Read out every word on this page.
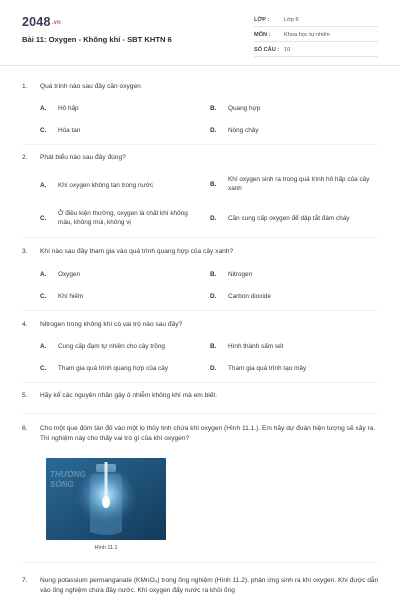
2048.vn
Bài 11: Oxygen - Không khí - SBT KHTN 6
LỚP :	Lớp 6
MÔN :	Khoa học tự nhiên
SỐ CÂU : 10
1. Quá trình nào sau đây cần oxygen
A. Hô hấp	B. Quang hợp
C. Hòa tan	D. Nóng chảy
2. Phát biểu nào sau đây đúng?
A. Khí oxygen không tan trong nước	B.
Khí oxygen sinh ra trong quá trình hô hấp của cây xanh
C.
Ở điều kiện thường, oxygen là chất khí không màu, không mùi, không vị
D. Cần cung cấp oxygen để dập tắt đám cháy
3. Khí nào sau đây tham gia vào quá trình quang hợp của cây xanh?
A. Oxygen	B. Nitrogen
C. Khí hiếm	D. Carbon dioxide
4. Nitrogen trong không khí có vai trò nào sau đây?
A. Cung cấp đạm tự nhiên cho cây trồng	B. Hình thành sấm sét
C. Tham gia quá trình quang hợp của cây	D. Tham gia quá trình tạo mây
5. Hãy kể các nguyên nhân gây ô nhiễm không khí mà em biết.
6. Cho một que đóm tàn đỏ vào một lọ thủy tinh chứa khí oxygen (Hình 11.1.). Em hãy dự đoán hiện tượng sẽ xảy ra. Thí nghiệm này cho thấy vai trò gì của khí oxygen?
THƯỜNG SÓNG
Hình 11.1
7. Nung potassium permanganate (KMnO₄) trong ống nghiệm (Hình 11.2), phản ứng sinh ra khí oxygen. Khí được dẫn vào ống nghiệm chứa đầy nước. Khí oxygen đẩy nước ra khỏi ống
